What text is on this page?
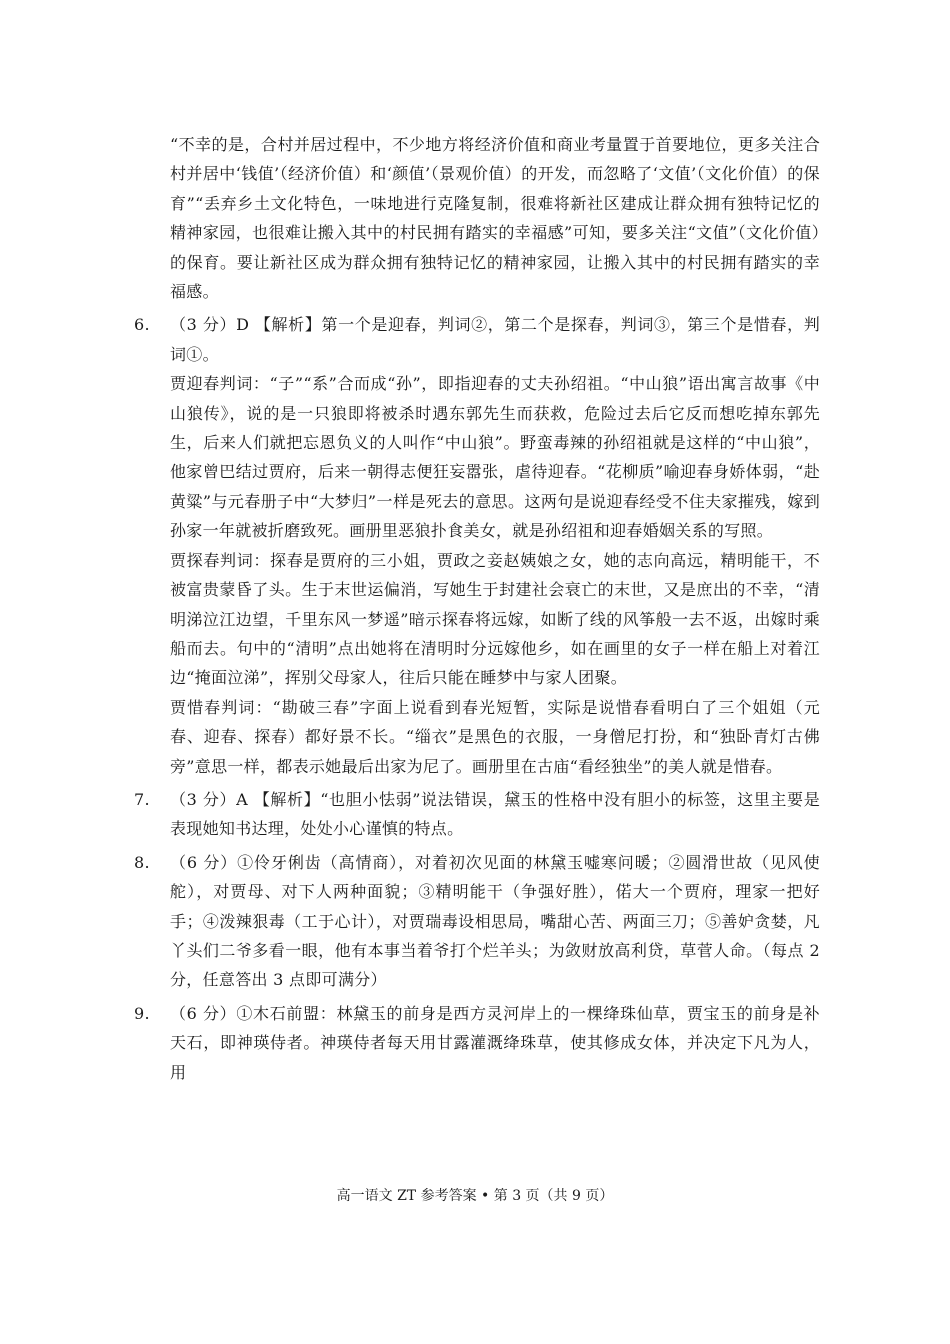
“不幸的是，合村并居过程中，不少地方将经济价值和商业考量置于首要地位，更多关注合村并居中‘钱值’（经济价值）和‘颜值’（景观价值）的开发，而忽略了‘文值’（文化价值）的保育”“丢弃乡土文化特色，一味地进行克隆复制，很难将新社区建成让群众拥有独特记忆的精神家园，也很难让搬入其中的村民拥有踏实的幸福感”可知，要多关注“文值”（文化价值）的保育。要让新社区成为群众拥有独特记忆的精神家园，让搬入其中的村民拥有踏实的幸福感。

6.	（3 分）D 【解析】第一个是迎春，判词②，第二个是探春，判词③，第三个是惜春，判词①。

贾迎春判词：“子”“系”合而成“孙”，即指迎春的丈夫孙绍祖。“中山狼”语出寓言故事《中山狼传》，说的是一只狼即将被杀时遇东郭先生而获救，危险过去后它反而想吃掉东郭先生，后来人们就把忘恩负义的人叫作“中山狼”。野蛮毒辣的孙绍祖就是这样的“中山狼”，他家曾巴结过贾府，后来一朝得志便狂妄嚣张，虐待迎春。“花柳质”喻迎春身娇体弱，“赴黄粱”与元春册子中“大梦归”一样是死去的意思。这两句是说迎春经受不住夫家摧残，嫁到孙家一年就被折磨致死。画册里恶狼扑食美女，就是孙绍祖和迎春婚姻关系的写照。

贾探春判词：探春是贾府的三小姐，贾政之妾赵姨娘之女，她的志向高远，精明能干，不被富贵蒙昏了头。生于末世运偏消，写她生于封建社会衰亡的末世，又是庶出的不幸，“清明涕泣江边望，千里东风一梦遥”暗示探春将远嫁，如断了线的风筝般一去不返，出嫁时乘船而去。句中的“清明”点出她将在清明时分远嫁他乡，如在画里的女子一样在船上对着江边“掩面泣涕”，挥别父母家人，往后只能在睡梦中与家人团聚。

贾惜春判词：“勘破三春”字面上说看到春光短暂，实际是说惜春看明白了三个姐姐（元春、迎春、探春）都好景不长。“缁衣”是黑色的衣服，一身僧尼打扮，和“独卧青灯古佛旁”意思一样，都表示她最后出家为尼了。画册里在古庙“看经独坐”的美人就是惜春。

7.	（3 分）A 【解析】“也胆小怯弱”说法错误，黛玉的性格中没有胆小的标签，这里主要是表现她知书达理，处处小心谨慎的特点。

8.	（6 分）①伶牙俐齿（高情商），对着初次见面的林黛玉嘘寒问暖；②圆滑世故（见风使舵），对贾母、对下人两种面貌；③精明能干（争强好胜），偌大一个贾府，理家一把好手；④泼辣狠毒（工于心计），对贾瑞毒设相思局，嘴甜心苦、两面三刀；⑤善妒贪婪，凡丫头们二爷多看一眼，他有本事当着爷打个烂羊头；为敛财放高利贷，草菅人命。（每点 2 分，任意答出 3 点即可满分）

9.	（6 分）①木石前盟：林黛玉的前身是西方灵河岸上的一棵绛珠仙草，贾宝玉的前身是补天石，即神瑛侍者。神瑛侍者每天用甘露灌溉绛珠草，使其修成女体，并决定下凡为人，用

高一语文 ZT 参考答案 • 第 3 页（共 9 页）
